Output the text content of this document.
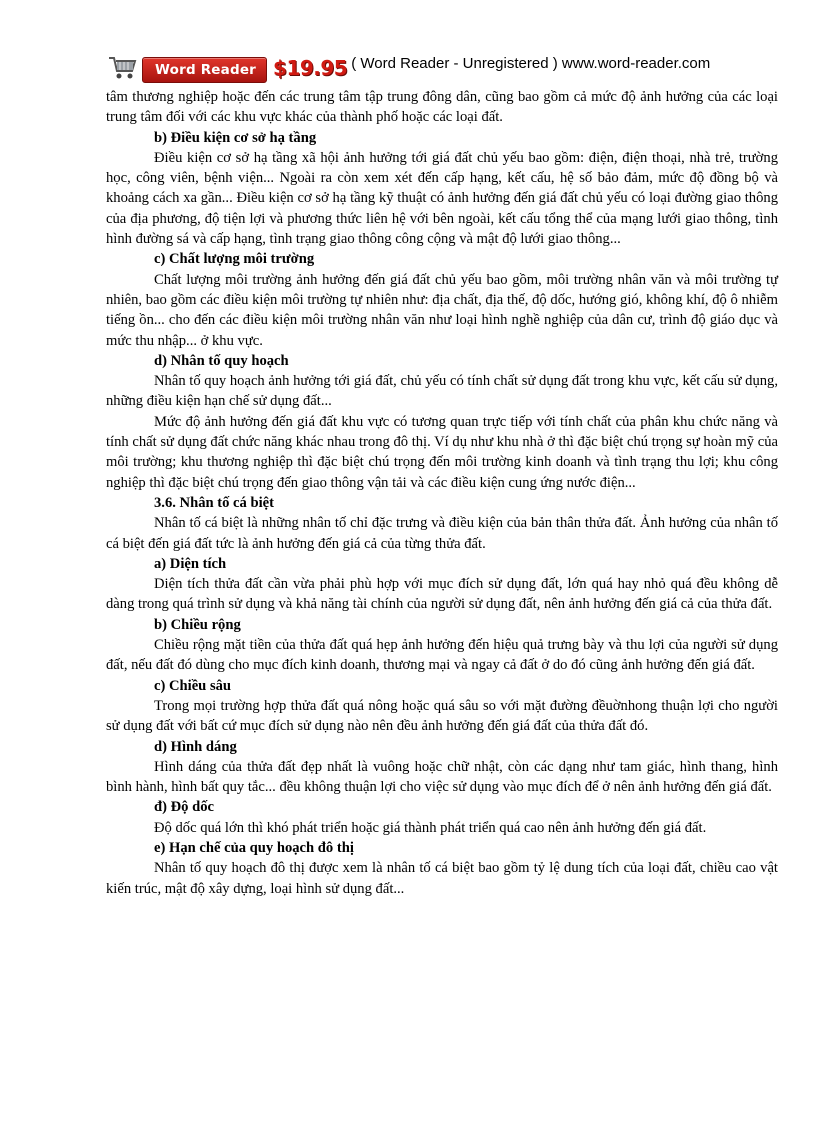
Word Reader $19.95 ( Word Reader - Unregistered ) www.word-reader.com

tâm thương nghiệp hoặc đến các trung tâm tập trung đông dân, cũng bao gồm cả mức độ ảnh hưởng của các loại trung tâm đối với các khu vực khác của thành phố hoặc các loại đất.

b) Điều kiện cơ sở hạ tầng

Điều kiện cơ sở hạ tầng xã hội ảnh hưởng tới giá đất chủ yếu bao gồm: điện, điện thoại, nhà trẻ, trường học, công viên, bệnh viện... Ngoài ra còn xem xét đến cấp hạng, kết cấu, hệ số bảo đảm, mức độ đồng bộ và khoảng cách xa gần... Điều kiện cơ sở hạ tầng kỹ thuật có ảnh hưởng đến giá đất chủ yếu có loại đường giao thông của địa phương, độ tiện lợi và phương thức liên hệ với bên ngoài, kết cấu tổng thể của mạng lưới giao thông, tình hình đường sá và cấp hạng, tình trạng giao thông công cộng và mật độ lưới giao thông...

c) Chất lượng môi trường

Chất lượng môi trường ảnh hưởng đến giá đất chủ yếu bao gồm, môi trường nhân văn và môi trường tự nhiên, bao gồm các điều kiện môi trường tự nhiên như: địa chất, địa thế, độ dốc, hướng gió, không khí, độ ô nhiễm tiếng ồn... cho đến các điều kiện môi trường nhân văn như loại hình nghề nghiệp của dân cư, trình độ giáo dục và mức thu nhập... ở khu vực.

d) Nhân tố quy hoạch

Nhân tố quy hoạch ảnh hưởng tới giá đất, chủ yếu có tính chất sử dụng đất trong khu vực, kết cấu sử dụng, những điều kiện hạn chế sử dụng đất...

Mức độ ảnh hưởng đến giá đất khu vực có tương quan trực tiếp với tính chất của phân khu chức năng và tính chất sử dụng đất chức năng khác nhau trong đô thị. Ví dụ như khu nhà ở thì đặc biệt chú trọng sự hoàn mỹ của môi trường; khu thương nghiệp thì đặc biệt chú trọng đến môi trường kinh doanh và tình trạng thu lợi; khu công nghiệp thì đặc biệt chú trọng đến giao thông vận tải và các điều kiện cung ứng nước điện...

3.6. Nhân tố cá biệt

Nhân tố cá biệt là những nhân tố chỉ đặc trưng và điều kiện của bản thân thửa đất. Ảnh hưởng của nhân tố cá biệt đến giá đất tức là ảnh hưởng đến giá cả của từng thửa đất.

a) Diện tích

Diện tích thửa đất cần vừa phải phù hợp với mục đích sử dụng đất, lớn quá hay nhỏ quá đều không dễ dàng trong quá trình sử dụng và khả năng tài chính của người sử dụng đất, nên ảnh hưởng đến giá cả của thửa đất.

b) Chiều rộng

Chiều rộng mặt tiền của thửa đất quá hẹp ảnh hưởng đến hiệu quả trưng bày và thu lợi của người sử dụng đất, nếu đất đó dùng cho mục đích kinh doanh, thương mại và ngay cả đất ở do đó cũng ảnh hưởng đến giá đất.

c) Chiều sâu

Trong mọi trường hợp thửa đất quá nông hoặc quá sâu so với mặt đường đềuờnhong thuận lợi cho người sử dụng đất với bất cứ mục đích sử dụng nào nên đều ảnh hưởng đến giá đất của thửa đất đó.

d) Hình dáng

Hình dáng của thửa đất đẹp nhất là vuông hoặc chữ nhật, còn các dạng như tam giác, hình thang, hình bình hành, hình bất quy tắc... đều không thuận lợi cho việc sử dụng vào mục đích để ở nên ảnh hưởng đến giá đất.

đ) Độ dốc

Độ dốc quá lớn thì khó phát triển hoặc giá thành phát triển quá cao nên ảnh hưởng đến giá đất.

e) Hạn chế của quy hoạch đô thị

Nhân tố quy hoạch đô thị được xem là nhân tố cá biệt bao gồm tỷ lệ dung tích của loại đất, chiều cao vật kiến trúc, mật độ xây dựng, loại hình sử dụng đất...
